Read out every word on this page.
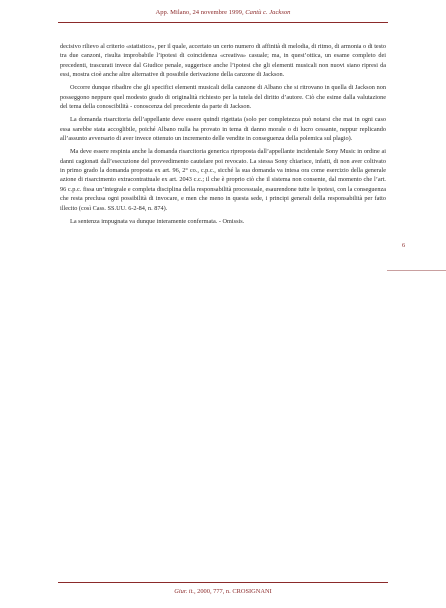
App. Milano, 24 novembre 1999, Cantù c. Jackson

decisivo rilievo al criterio «statistico», per il quale, accertato un certo numero di affinità di melodia, di ritmo, di armonia o di testo tra due canzoni, risulta improbabile l’ipotesi di coincidenza «creativa» casuale; ma, in quest’ottica, un esame completo dei precedenti, trascurati invece dal Giudice penale, suggerisce anche l’ipotesi che gli elementi musicali non nuovi siano ripresi da essi, mostra cioè anche altre alternative di possibile derivazione della canzone di Jackson.

Occorre dunque ribadire che gli specifici elementi musicali della canzone di Albano che si ritrovano in quella di Jackson non posseggono neppure quel modesto grado di originalità richiesto per la tutela del diritto d’autore. Ciò che esime dalla valutazione del tema della conoscibilità - conoscenza del precedente da parte di Jackson.

La domanda risarcitoria dell’appellante deve essere quindi rigettata (solo per completezza può notarsi che mai in ogni caso essa sarebbe stata accoglibile, poiché Albano nulla ha provato in tema di danno morale o di lucro cessante, neppur replicando all’assunto avversario di aver invece ottenuto un incremento delle vendite in conseguenza della polemica sul plagio).

Ma deve essere respinta anche la domanda risarcitoria generica riproposta dall’appellante incidentale Sony Music in ordine ai danni cagionati dall’esecuzione del provvedimento cautelare poi revocato. La stessa Sony chiarisce, infatti, di non aver coltivato in primo grado la domanda proposta ex art. 96, 2° co., c.p.c., sicché la sua domanda va intesa ora come esercizio della generale azione di risarcimento extracontrattuale ex art. 2043 c.c.; il che è proprio ciò che il sistema non consente, dal momento che l’art. 96 c.p.c. fissa un’integrale e completa disciplina della responsabilità processuale, esaurendone tutte le ipotesi, con la conseguenza che resta preclusa ogni possibilità di invocare, e men che meno in questa sede, i principi generali della responsabilità per fatto illecito (così Cass. SS.UU. 6-2-84, n. 874).

La sentenza impugnata va dunque interamente confermata. - Omissis.

6
Giur. it., 2000, 777, n. CROSIGNANI
